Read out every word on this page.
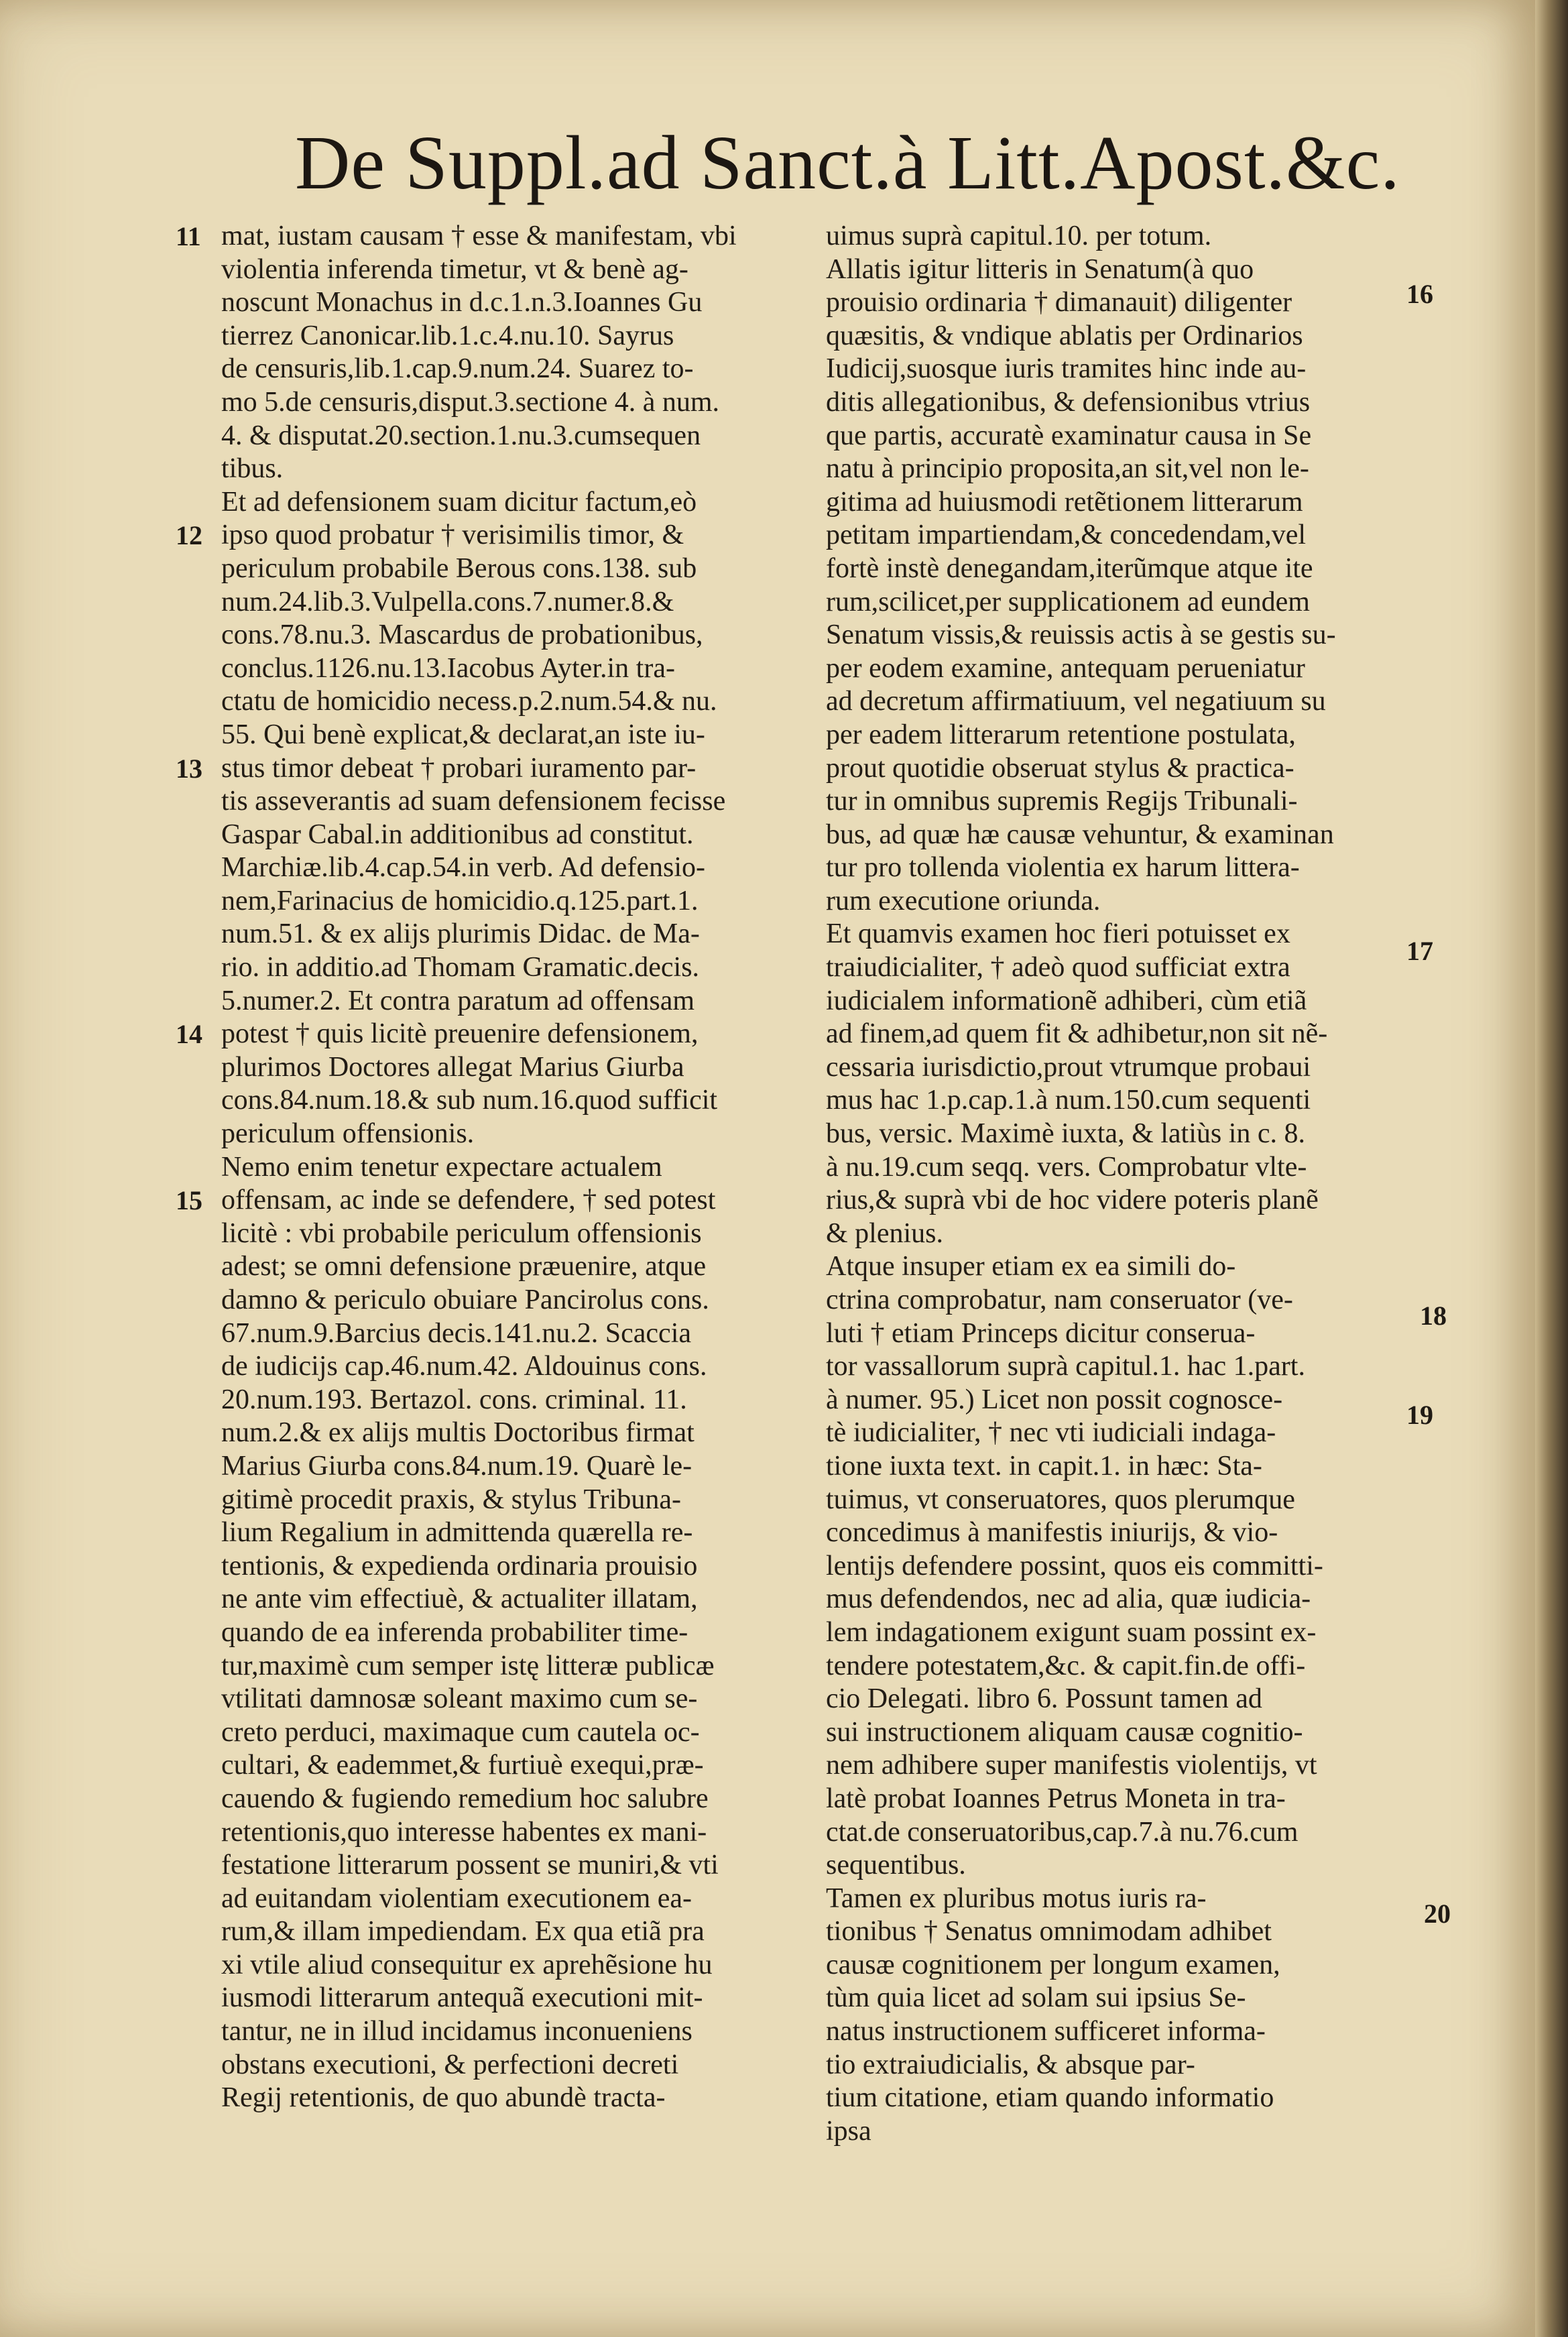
De Suppl.ad Sanct.à Litt.Apost.&c.
mat, iustam causam † esse & manifestam, vbi
violentia inferenda timetur, vt & benè ag-
noscunt Monachus in d.c.1.n.3.Ioannes Gu
tierrez Canonicar.lib.1.c.4.nu.10. Sayrus
de censuris,lib.1.cap.9.num.24. Suarez to-
mo 5.de censuris,disput.3.sectione 4. à num.
4. & disputat.20.section.1.nu.3.cumsequen
tibus.
Et ad defensionem suam dicitur factum,eò
ipso quod probatur † verisimilis timor, &
periculum probabile Berous cons.138. sub
num.24.lib.3.Vulpella.cons.7.numer.8.&
cons.78.nu.3. Mascardus de probationibus,
conclus.1126.nu.13.Iacobus Ayter.in tra-
ctatu de homicidio necess.p.2.num.54.& nu.
55. Qui benè explicat,& declarat,an iste iu-
stus timor debeat † probari iuramento par-
tis asseverantis ad suam defensionem fecisse
Gaspar Cabal.in additionibus ad constitut.
Marchiæ.lib.4.cap.54.in verb. Ad defensio-
nem,Farinacius de homicidio.q.125.part.1.
num.51. & ex alijs plurimis Didac. de Ma-
rio. in additio.ad Thomam Gramatic.decis.
5.numer.2. Et contra paratum ad offensam
potest † quis licitè preuenire defensionem,
plurimos Doctores allegat Marius Giurba
cons.84.num.18.& sub num.16.quod sufficit
periculum offensionis.
Nemo enim tenetur expectare actualem
offensam, ac inde se defendere, † sed potest
licitè : vbi probabile periculum offensionis
adest; se omni defensione præuenire, atque
damno & periculo obuiare Pancirolus cons.
67.num.9.Barcius decis.141.nu.2. Scaccia
de iudicijs cap.46.num.42. Aldouinus cons.
20.num.193. Bertazol. cons. criminal. 11.
num.2.& ex alijs multis Doctoribus firmat
Marius Giurba cons.84.num.19. Quarè le-
gitimè procedit praxis, & stylus Tribuna-
lium Regalium in admittenda quærella re-
tentionis, & expedienda ordinaria prouisio
ne ante vim effectiuè, & actualiter illatam,
quando de ea inferenda probabiliter time-
tur,maximè cum semper istę litteræ publicæ
vtilitati damnosæ soleant maximo cum se-
creto perduci, maximaque cum cautela oc-
cultari, & eademmet,& furtiuè exequi,præ-
cauendo & fugiendo remedium hoc salubre
retentionis,quo interesse habentes ex mani-
festatione litterarum possent se muniri,& vti
ad euitandam violentiam executionem ea-
rum,& illam impediendam. Ex qua etiã pra
xi vtile aliud consequitur ex aprehẽsione hu
iusmodi litterarum antequã executioni mit-
tantur, ne in illud incidamus inconueniens
obstans executioni, & perfectioni decreti
Regij retentionis, de quo abundè tracta-
uimus suprà capitul.10. per totum.
Allatis igitur litteris in Senatum(à quo
prouisio ordinaria † dimanauit) diligenter
quæsitis, & vndique ablatis per Ordinarios
Iudicij,suosque iuris tramites hinc inde au-
ditis allegationibus, & defensionibus vtrius
que partis, accuratè examinatur causa in Se
natu à principio proposita,an sit,vel non le-
gitima ad huiusmodi retẽtionem litterarum
petitam impartiendam,& concedendam,vel
fortè instè denegandam,iterũmque atque ite
rum,scilicet,per supplicationem ad eundem
Senatum vissis,& reuissis actis à se gestis su-
per eodem examine, antequam perueniatur
ad decretum affirmatiuum, vel negatiuum su
per eadem litterarum retentione postulata,
prout quotidie obseruat stylus & practica-
tur in omnibus supremis Regijs Tribunali-
bus, ad quæ hæ causæ vehuntur, & examinan
tur pro tollenda violentia ex harum littera-
rum executione oriunda.
Et quamvis examen hoc fieri potuisset ex
traiudicialiter, † adeò quod sufficiat extra
iudicialem informationẽ adhiberi, cùm etiã
ad finem,ad quem fit & adhibetur,non sit nẽ-
cessaria iurisdictio,prout vtrumque probaui
mus hac 1.p.cap.1.à num.150.cum sequenti
bus, versic. Maximè iuxta, & latiùs in c. 8.
à nu.19.cum seqq. vers. Comprobatur vlte-
rius,& suprà vbi de hoc videre poteris planẽ
& plenius.
Atque insuper etiam ex ea simili do-
ctrina comprobatur, nam conseruator (ve-
luti † etiam Princeps dicitur conserua-
tor vassallorum suprà capitul.1. hac 1.part.
à numer. 95.) Licet non possit cognosce-
tè iudicialiter, † nec vti iudiciali indaga-
tione iuxta text. in capit.1. in hæc: Sta-
tuimus, vt conseruatores, quos plerumque
concedimus à manifestis iniurijs, & vio-
lentijs defendere possint, quos eis committi-
mus defendendos, nec ad alia, quæ iudicia-
lem indagationem exigunt suam possint ex-
tendere potestatem,&c. & capit.fin.de offi-
cio Delegati. libro 6. Possunt tamen ad
sui instructionem aliquam causæ cognitio-
nem adhibere super manifestis violentijs, vt
latè probat Ioannes Petrus Moneta in tra-
ctat.de conseruatoribus,cap.7.à nu.76.cum
sequentibus.
Tamen ex pluribus motus iuris ra-
tionibus † Senatus omnimodam adhibet
causæ cognitionem per longum examen,
tùm quia licet ad solam sui ipsius Se-
natus instructionem sufficeret informa-
tio extraiudicialis, & absque par-
tium citatione, etiam quando informatio
ipsa
11
12
13
14
15
16
17
18
19
20
